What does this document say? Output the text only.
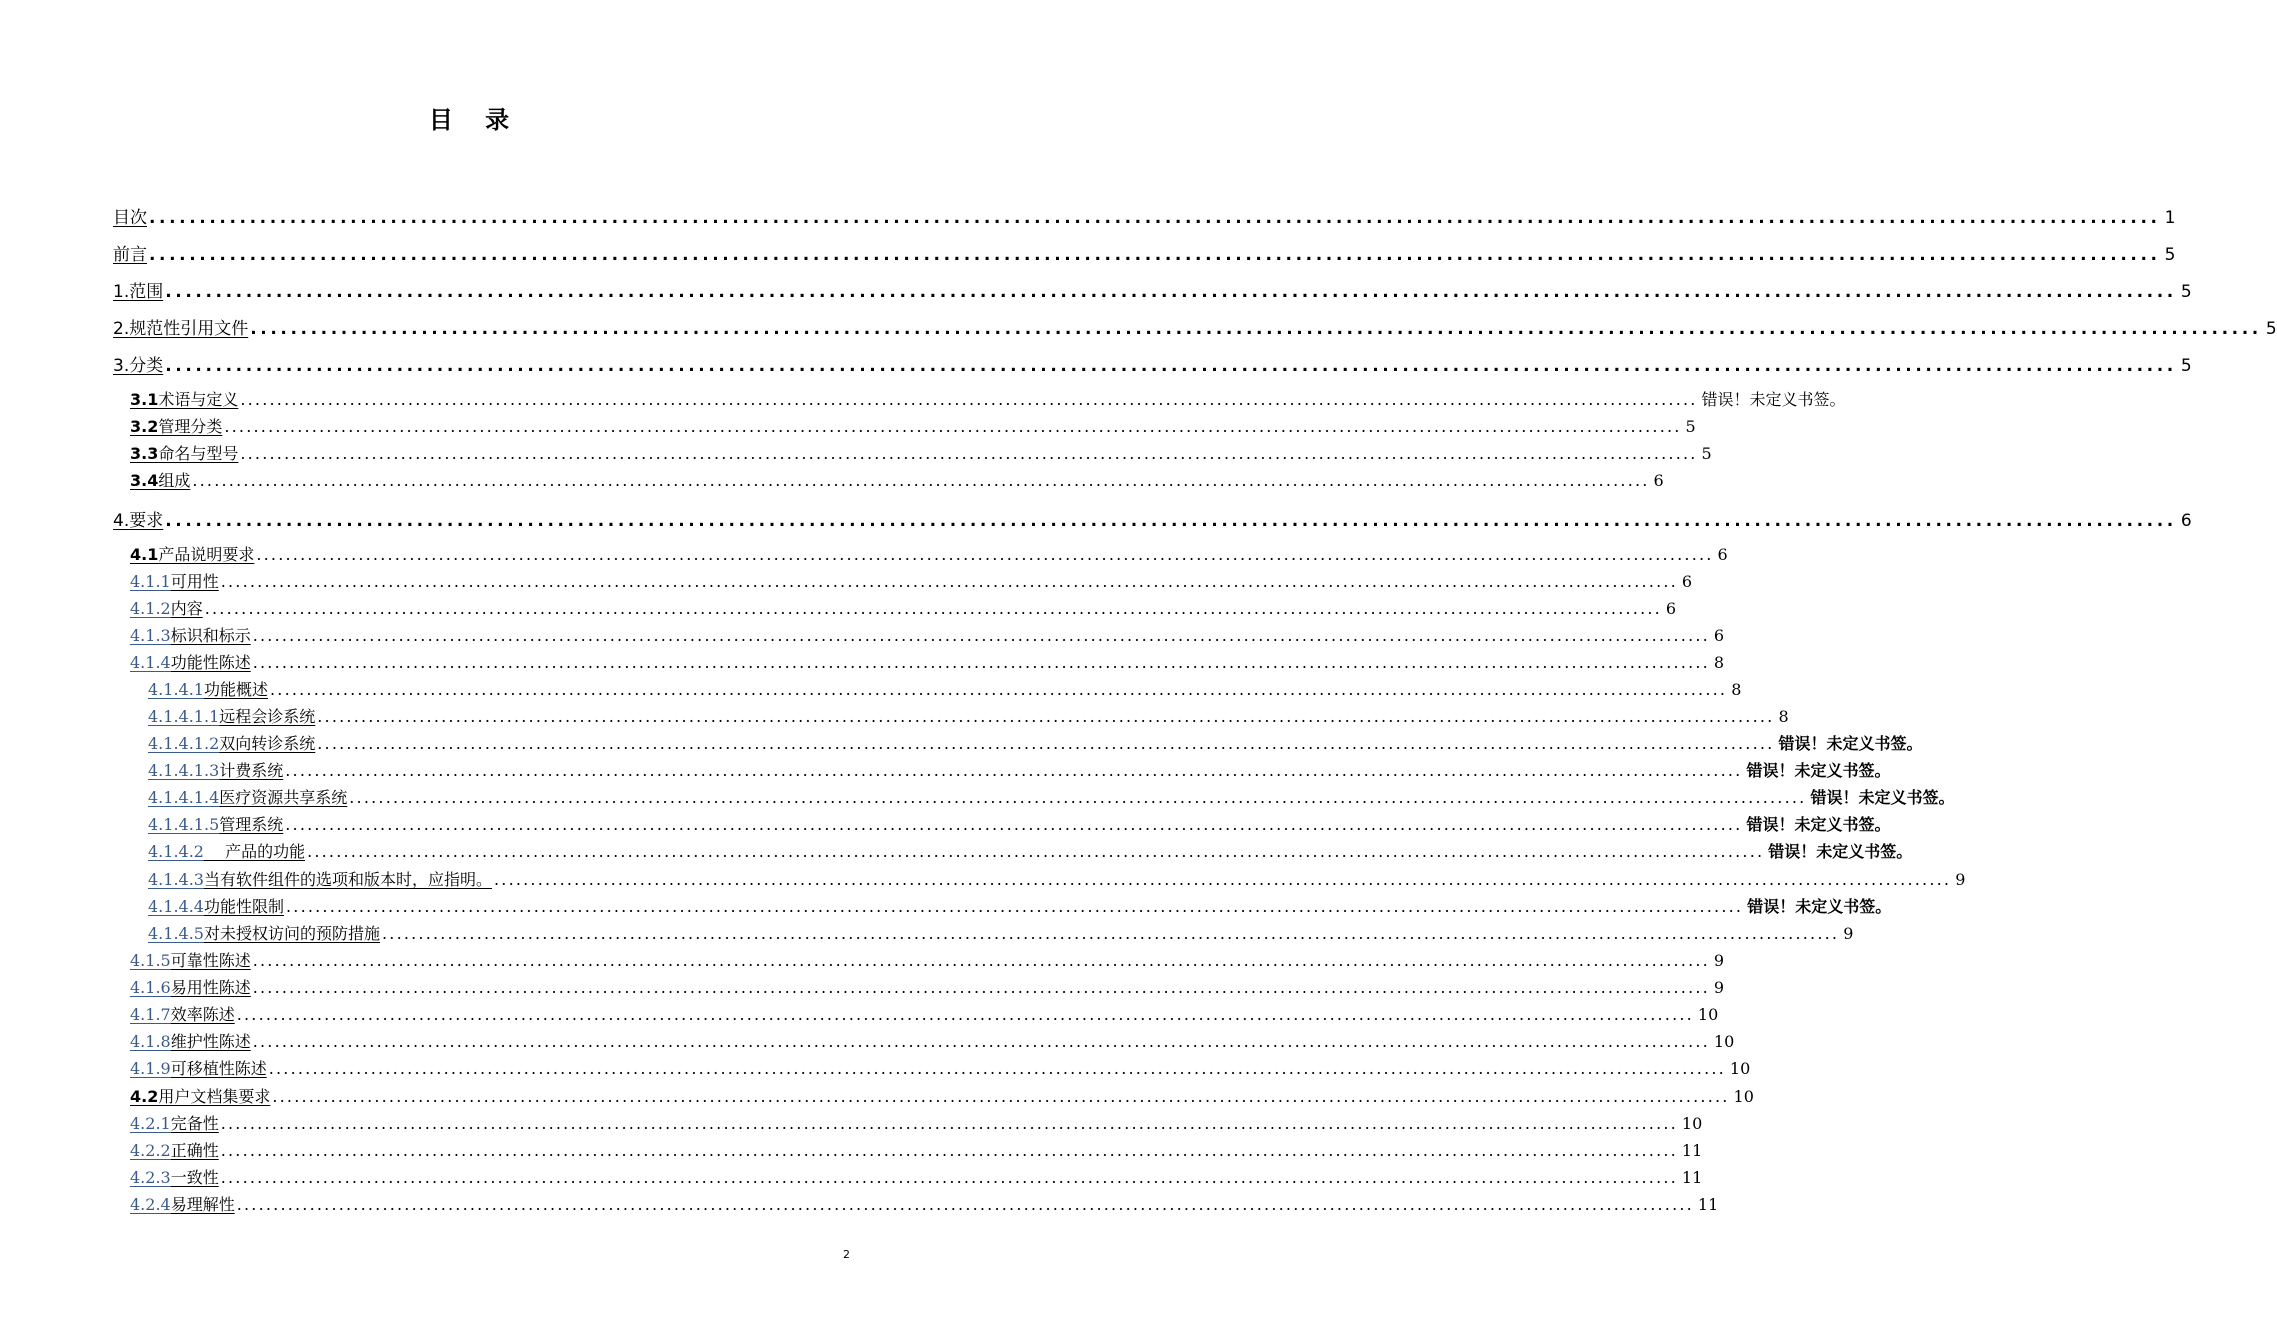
目 录
目次 ........................................................................................................................................................................................................ 1
前 言 ........................................................................................................................................................................................................ 5
1. 范围 ........................................................................................................................................................................................................ 5
2. 规范性引用文件 ........................................................................................................................................................................................................ 5
3. 分类 ........................................................................................................................................................................................................ 5
3.1 术语与定义 ........................................................................................................................................................................................................ 错误！未定义书签。
3.2 管理分类 ........................................................................................................................................................................................................ 5
3.3 命名与型号 ........................................................................................................................................................................................................ 5
3.4 组成 ........................................................................................................................................................................................................ 6
4. 要求 ........................................................................................................................................................................................................ 6
4.1 产品说明要求 ........................................................................................................................................................................................................ 6
4.1.1 可用性 ........................................................................................................................................................................................................ 6
4.1.2 内容 ........................................................................................................................................................................................................ 6
4.1.3 标识和标示 ........................................................................................................................................................................................................ 6
4.1.4 功能性陈述 ........................................................................................................................................................................................................ 8
4.1.4.1 功能概述 ........................................................................................................................................................................................................ 8
4.1.4.1.1 远程会诊系统 ........................................................................................................................................................................................................ 8
4.1.4.1.2 双向转诊系统 ........................................................................................................................................................................................................ 错误！未定义书签。
4.1.4.1.3 计费系统 ........................................................................................................................................................................................................ 错误！未定义书签。
4.1.4.1.4 医疗资源共享系统 ........................................................................................................................................................................................................ 错误！未定义书签。
4.1.4.1.5 管理系统 ........................................................................................................................................................................................................ 错误！未定义书签。
4.1.4.2 　 产品的功能 ........................................................................................................................................................................................................ 错误！未定义书签。
4.1.4.3 当有软件组件的选项和版本时，应指明。 ........................................................................................................................................................................................................ 9
4.1.4.4 功能性限制 ........................................................................................................................................................................................................ 错误！未定义书签。
4.1.4.5 对未授权访问的预防措施 ........................................................................................................................................................................................................ 9
4.1.5 可靠性陈述 ........................................................................................................................................................................................................ 9
4.1.6 易用性陈述 ........................................................................................................................................................................................................ 9
4.1.7 效率陈述 ........................................................................................................................................................................................................ 10
4.1.8 维护性陈述 ........................................................................................................................................................................................................ 10
4.1.9 可移植性陈述 ........................................................................................................................................................................................................ 10
4.2 用户文档集要求 ........................................................................................................................................................................................................ 10
4.2.1 完备性 ........................................................................................................................................................................................................ 10
4.2.2 正确性 ........................................................................................................................................................................................................ 11
4.2.3 一致性 ........................................................................................................................................................................................................ 11
4.2.4 易理解性 ........................................................................................................................................................................................................ 11
2
